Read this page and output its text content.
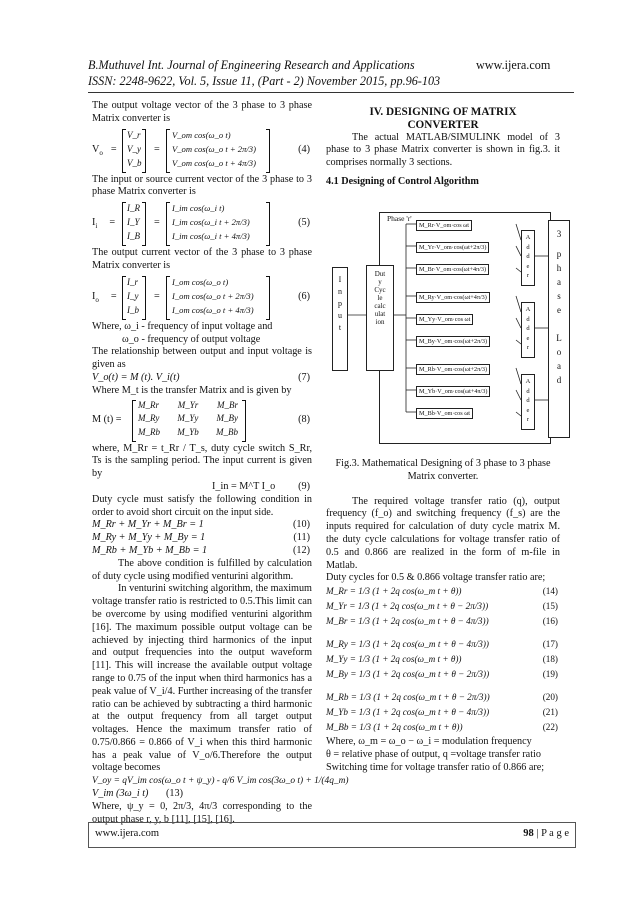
B.Muthuvel Int. Journal of Engineering Research and Applications	www.ijera.com
ISSN: 2248-9622, Vol. 5, Issue 11, (Part - 2) November 2015, pp.96-103

The output voltage vector of the 3 phase to 3 phase Matrix converter is

$V_o$ =
V_r
V_y
V_b
=
V_om cos(ω_o t)
V_om cos(ω_o t + 2π/3)
V_om cos(ω_o t + 4π/3)
(4)

The input or source current vector of the 3 phase to 3 phase Matrix converter is

$I_i$ =
I_R
I_Y
I_B
=
I_im cos(ω_i t)
I_im cos(ω_i t + 2π/3)
I_im cos(ω_i t + 4π/3)
(5)

The output current vector of the 3 phase to 3 phase Matrix converter is

$I_o$ =
I_r
I_y
I_b
=
I_om cos(ω_o t)
I_om cos(ω_o t + 2π/3)
I_om cos(ω_o t + 4π/3)
(6)

Where, ω_i - frequency of input voltage and

ω_o - frequency of output voltage

The relationship between output and input voltage is given as

V_o(t) = M (t). V_i(t)	(7)

Where M_t is the transfer Matrix and is given by

M (t) =
M_Rr M_Yr M_Br
M_Ry M_Yy M_By
M_Rb M_Yb M_Bb
(8)

where, M_Rr = t_Rr / T_s, duty cycle switch S_Rr, Ts is the sampling period. The input current is given by

I_in = M^T I_o (9)

Duty cycle must satisfy the following condition in order to avoid short circuit on the input side.

M_Rr + M_Yr + M_Br = 1	(10)
M_Ry + M_Yy + M_By = 1	(11)
M_Rb + M_Yb + M_Bb = 1	(12)

The above condition is fulfilled by calculation of duty cycle using modified venturini algorithm.

In venturini switching algorithm, the maximum voltage transfer ratio is restricted to 0.5.This limit can be overcome by using modified venturini algorithm [16]. The maximum possible output voltage can be achieved by injecting third harmonics of the input and output frequencies into the output waveform [11]. This will increase the available output voltage range to 0.75 of the input when third harmonics has a peak value of V_i/4. Further increasing of the transfer ratio can be achieved by subtracting a third harmonic at the output frequency from all target output voltages. Hence the maximum transfer ratio of 0.75/0.866 = 0.866 of V_i when this third harmonic has a peak value of V_o/6.Therefore the output voltage becomes

V_oy = qV_im cos(ω_o t + ψ_y) - q/6 V_im cos(3ω_o t) + 1/(4q_m)
V_im (3ω_i t) (13)

Where, ψ_y = 0, 2π/3, 4π/3 corresponding to the output phase r, y, b [11], [15], [16].

IV. DESIGNING OF MATRIX
CONVERTER

The actual MATLAB/SIMULINK model of 3 phase to 3 phase Matrix converter is shown in fig.3. it comprises normally 3 sections.

4.1 Designing of Control Algorithm

Phase 'r'
I
n
p
u
t
Dut
y
Cyc
le
calc
ulat
ion
M_Rr·V_om·cos ωt
M_Yr·V_om·cos(ωt+2π/3)
M_Br·V_om·cos(ωt+4π/3)
M_Ry·V_om·cos(ωt+4π/3)
M_Yy·V_om·cos ωt
M_By·V_om·cos(ωt+2π/3)
M_Rb·V_om·cos(ωt+2π/3)
M_Yb·V_om·cos(ωt+4π/3)
M_Bb·V_om·cos ωt
A
d
d
e
r
A
d
d
e
r
A
d
d
e
r
3
p
h
a
s
e
L
o
a
d

Fig.3. Mathematical Designing of 3 phase to 3 phase

Matrix converter.

The required voltage transfer ratio (q), output frequency (f_o) and switching frequency (f_s) are the inputs required for calculation of duty cycle matrix M. the duty cycle calculations for voltage transfer ratio of 0.5 and 0.866 are realized in the form of m-file in Matlab.

Duty cycles for 0.5 & 0.866 voltage transfer ratio are;

M_Rr = 1/3 (1 + 2q cos(ω_m t + θ))	(14)
M_Yr = 1/3 (1 + 2q cos(ω_m t + θ − 2π/3))	(15)
M_Br = 1/3 (1 + 2q cos(ω_m t + θ − 4π/3))	(16)
M_Ry = 1/3 (1 + 2q cos(ω_m t + θ − 4π/3))	(17)
M_Yy = 1/3 (1 + 2q cos(ω_m t + θ))	(18)
M_By = 1/3 (1 + 2q cos(ω_m t + θ − 2π/3))	(19)
M_Rb = 1/3 (1 + 2q cos(ω_m t + θ − 2π/3))	(20)
M_Yb = 1/3 (1 + 2q cos(ω_m t + θ − 4π/3))	(21)
M_Bb = 1/3 (1 + 2q cos(ω_m t + θ))	(22)

Where, ω_m = ω_o − ω_i = modulation frequency

θ = relative phase of output, q =voltage transfer ratio

Switching time for voltage transfer ratio of 0.866 are;

www.ijera.com	98 | P a g e
